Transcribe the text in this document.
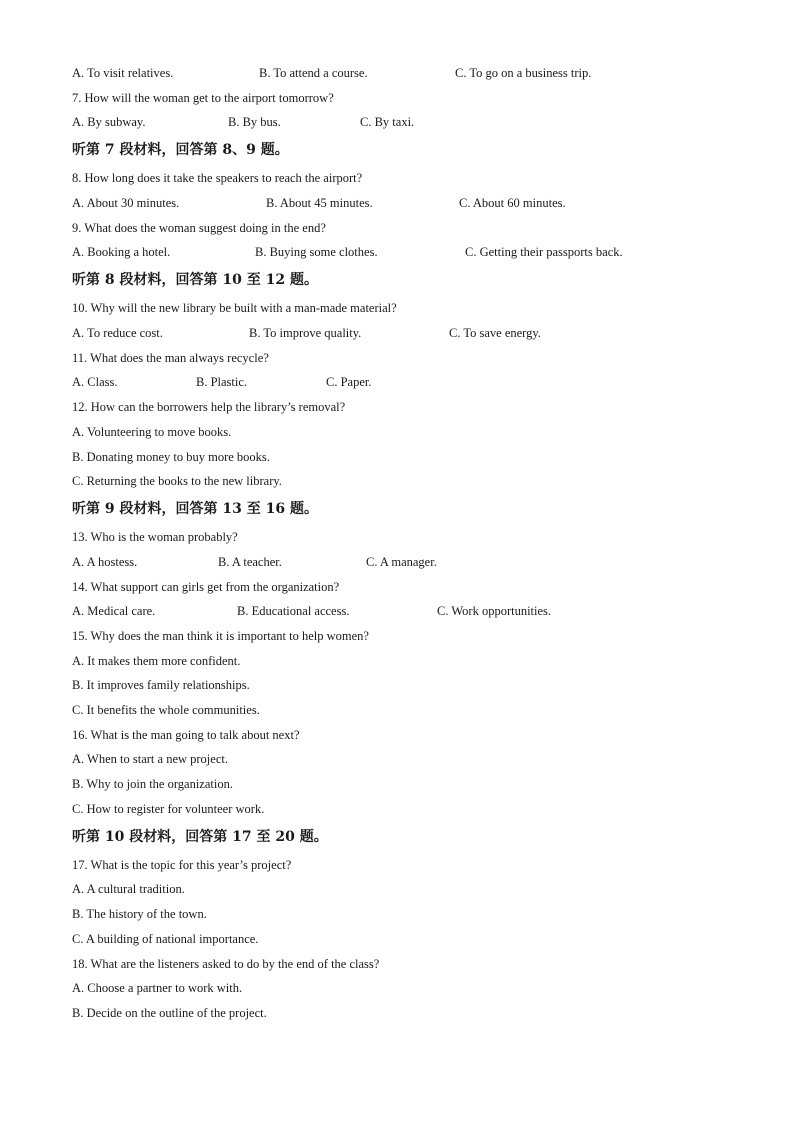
A. To visit relatives.	B. To attend a course.	C. To go on a business trip.
7. How will the woman get to the airport tomorrow?
A. By subway.	B. By bus.	C. By taxi.
听第 7 段材料，回答第 8、9 题。
8. How long does it take the speakers to reach the airport?
A. About 30 minutes.	B. About 45 minutes.	C. About 60 minutes.
9. What does the woman suggest doing in the end?
A. Booking a hotel.	B. Buying some clothes.	C. Getting their passports back.
听第 8 段材料，回答第 10 至 12 题。
10. Why will the new library be built with a man-made material?
A. To reduce cost.	B. To improve quality.	C. To save energy.
11. What does the man always recycle?
A. Class.	B. Plastic.	C. Paper.
12. How can the borrowers help the library’s removal?
A. Volunteering to move books.
B. Donating money to buy more books.
C. Returning the books to the new library.
听第 9 段材料，回答第 13 至 16 题。
13. Who is the woman probably?
A. A hostess.	B. A teacher.	C. A manager.
14. What support can girls get from the organization?
A. Medical care.	B. Educational access.	C. Work opportunities.
15. Why does the man think it is important to help women?
A. It makes them more confident.
B. It improves family relationships.
C. It benefits the whole communities.
16. What is the man going to talk about next?
A. When to start a new project.
B. Why to join the organization.
C. How to register for volunteer work.
听第 10 段材料，回答第 17 至 20 题。
17. What is the topic for this year’s project?
A. A cultural tradition.
B. The history of the town.
C. A building of national importance.
18. What are the listeners asked to do by the end of the class?
A. Choose a partner to work with.
B. Decide on the outline of the project.
